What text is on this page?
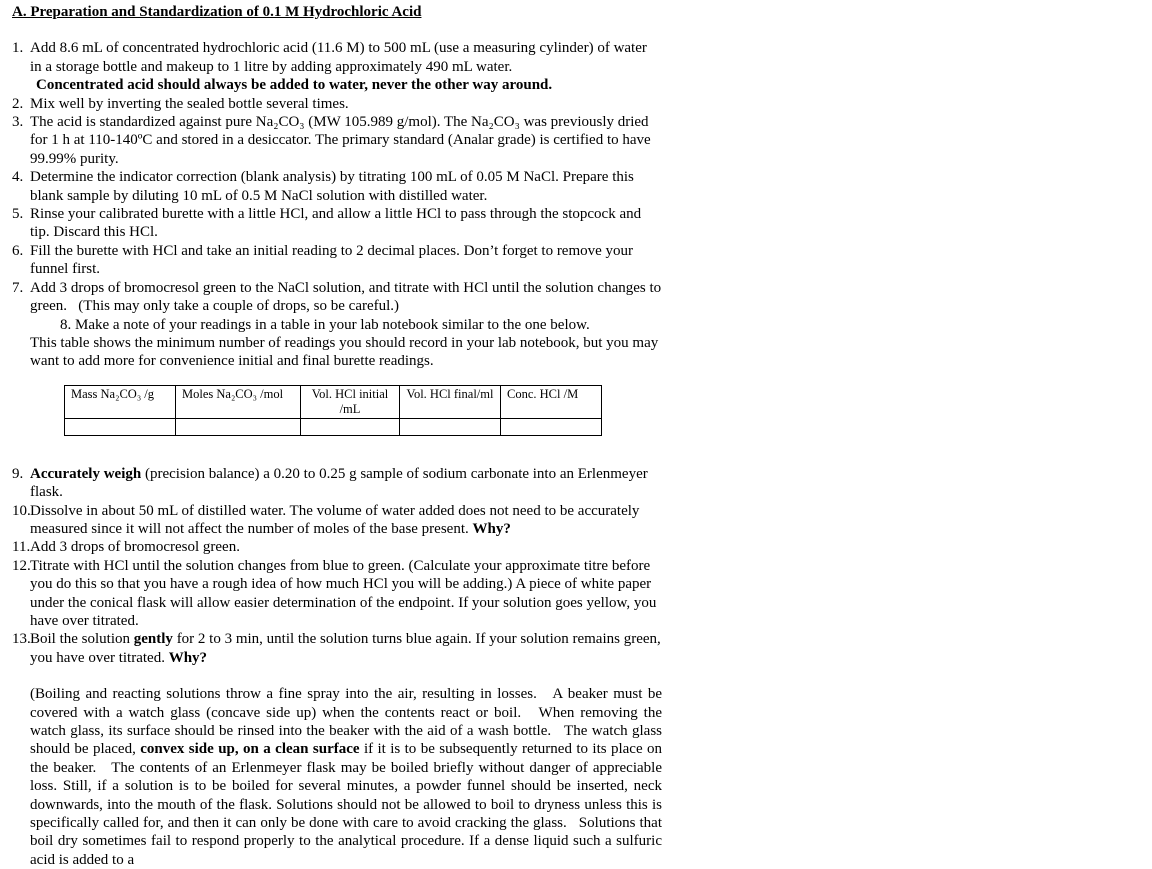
A. Preparation and Standardization of 0.1 M Hydrochloric Acid
1. Add 8.6 mL of concentrated hydrochloric acid (11.6 M) to 500 mL (use a measuring cylinder) of water in a storage bottle and makeup to 1 litre by adding approximately 490 mL water.
Concentrated acid should always be added to water, never the other way around.
2. Mix well by inverting the sealed bottle several times.
3. The acid is standardized against pure Na₂CO₃ (MW 105.989 g/mol). The Na₂CO₃ was previously dried for 1 h at 110-140ºC and stored in a desiccator. The primary standard (Analar grade) is certified to have 99.99% purity.
4. Determine the indicator correction (blank analysis) by titrating 100 mL of 0.05 M NaCl. Prepare this blank sample by diluting 10 mL of 0.5 M NaCl solution with distilled water.
5. Rinse your calibrated burette with a little HCl, and allow a little HCl to pass through the stopcock and tip. Discard this HCl.
6. Fill the burette with HCl and take an initial reading to 2 decimal places. Don’t forget to remove your funnel first.
7. Add 3 drops of bromocresol green to the NaCl solution, and titrate with HCl until the solution changes to green.   (This may only take a couple of drops, so be careful.)
8. Make a note of your readings in a table in your lab notebook similar to the one below.
This table shows the minimum number of readings you should record in your lab notebook, but you may want to add more for convenience initial and final burette readings.
Mass Na₂CO₃ /g	Moles Na₂CO₃ /mol	Vol. HCl initial /mL	Vol. HCl final/ml	Conc. HCl /M

9. Accurately weigh (precision balance) a 0.20 to 0.25 g sample of sodium carbonate into an Erlenmeyer flask.
10. Dissolve in about 50 mL of distilled water. The volume of water added does not need to be accurately measured since it will not affect the number of moles of the base present. Why?
11. Add 3 drops of bromocresol green.
12. Titrate with HCl until the solution changes from blue to green. (Calculate your approximate titre before you do this so that you have a rough idea of how much HCl you will be adding.) A piece of white paper under the conical flask will allow easier determination of the endpoint. If your solution goes yellow, you have over titrated.
13. Boil the solution gently for 2 to 3 min, until the solution turns blue again. If your solution remains green, you have over titrated. Why?
(Boiling and reacting solutions throw a fine spray into the air, resulting in losses.   A beaker must be covered with a watch glass (concave side up) when the contents react or boil.   When removing the watch glass, its surface should be rinsed into the beaker with the aid of a wash bottle.   The watch glass should be placed, convex side up, on a clean surface if it is to be subsequently returned to its place on the beaker.   The contents of an Erlenmeyer flask may be boiled briefly without danger of appreciable loss. Still, if a solution is to be boiled for several minutes, a powder funnel should be inserted, neck downwards, into the mouth of the flask. Solutions should not be allowed to boil to dryness unless this is specifically called for, and then it can only be done with care to avoid cracking the glass.   Solutions that boil dry sometimes fail to respond properly to the analytical procedure. If a dense liquid such a sulfuric acid is added to a
